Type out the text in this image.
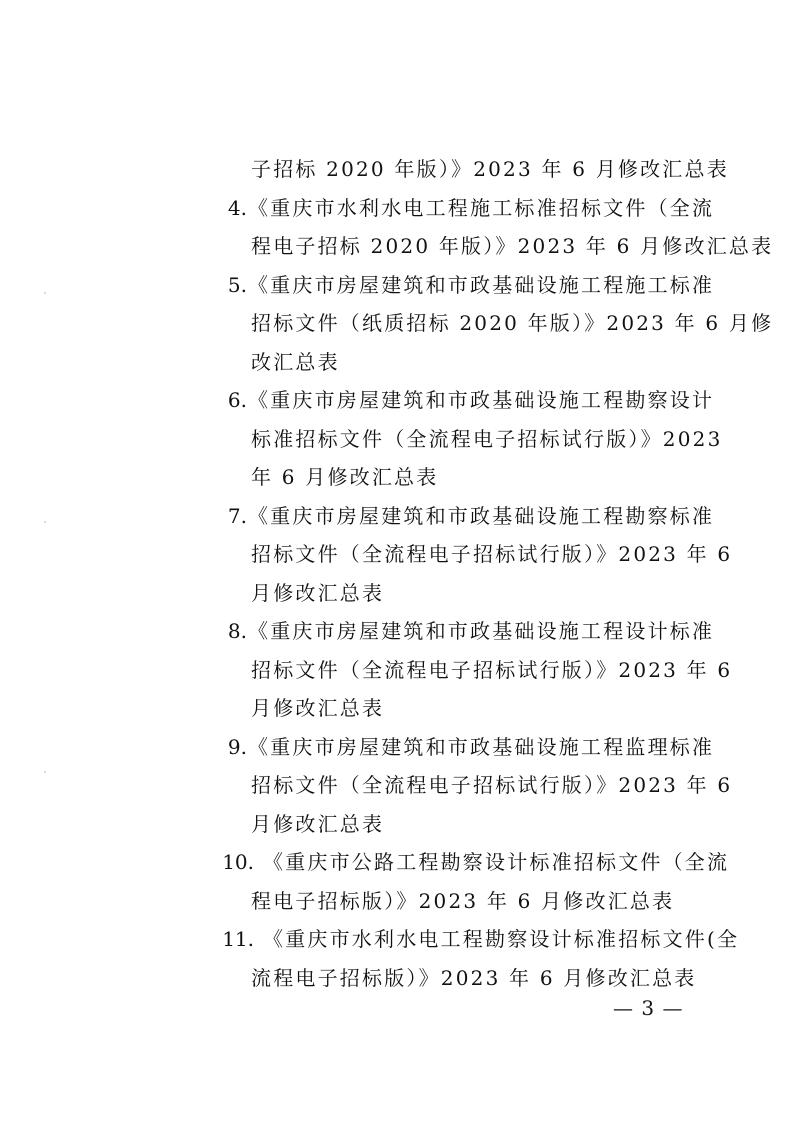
子招标 2020 年版）》2023 年 6 月修改汇总表
4. 《重庆市水利水电工程施工标准招标文件（全流
程电子招标 2020 年版）》2023 年 6 月修改汇总表
5. 《重庆市房屋建筑和市政基础设施工程施工标准
招标文件（纸质招标 2020 年版）》2023 年 6 月修
改汇总表
6. 《重庆市房屋建筑和市政基础设施工程勘察设计
标准招标文件（全流程电子招标试行版）》2023
年 6 月修改汇总表
7. 《重庆市房屋建筑和市政基础设施工程勘察标准
招标文件（全流程电子招标试行版）》2023 年 6
月修改汇总表
8. 《重庆市房屋建筑和市政基础设施工程设计标准
招标文件（全流程电子招标试行版）》2023 年 6
月修改汇总表
9. 《重庆市房屋建筑和市政基础设施工程监理标准
招标文件（全流程电子招标试行版）》2023 年 6
月修改汇总表
10. 《重庆市公路工程勘察设计标准招标文件（全流
程电子招标版）》2023 年 6 月修改汇总表
11. 《重庆市水利水电工程勘察设计标准招标文件(全
流程电子招标版）》2023 年 6 月修改汇总表
— 3 —
